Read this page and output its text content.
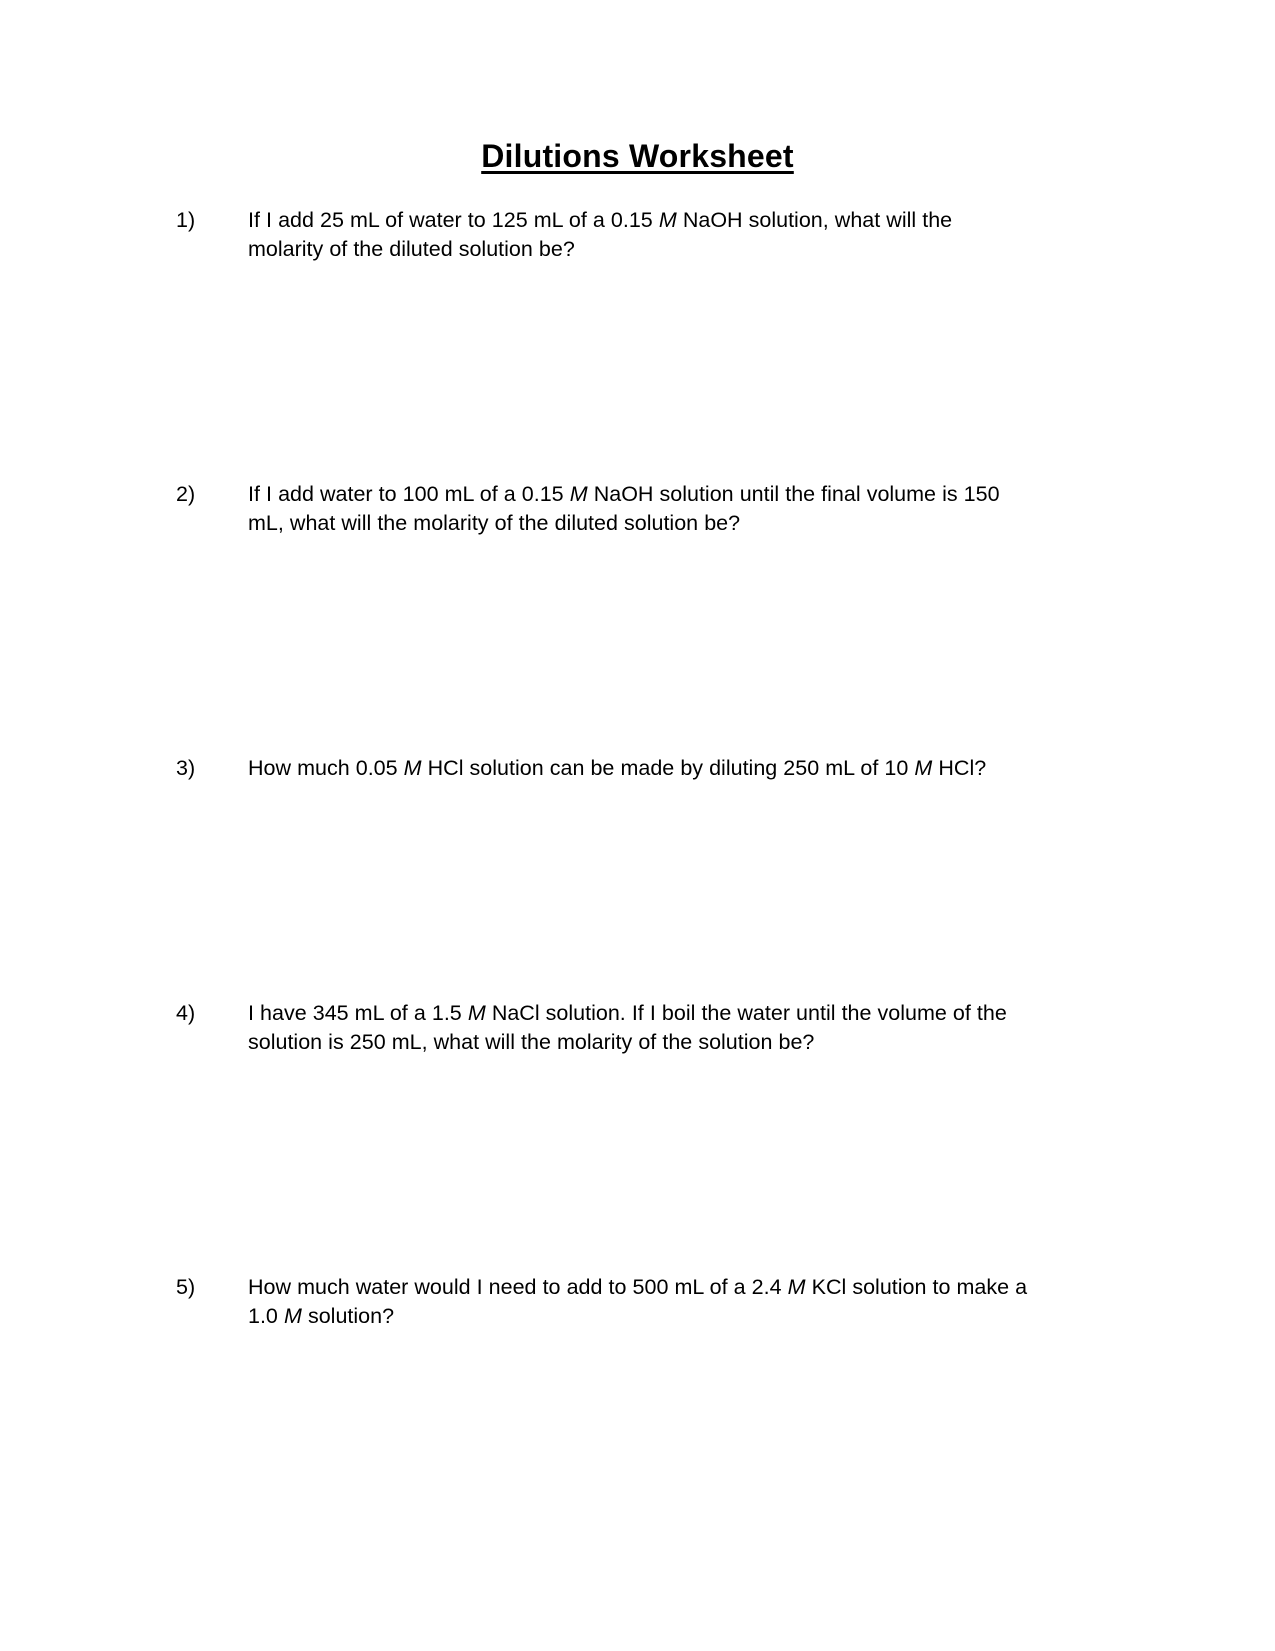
Dilutions Worksheet
1)	If I add 25 mL of water to 125 mL of a 0.15 M NaOH solution, what will the molarity of the diluted solution be?
2)	If I add water to 100 mL of a 0.15 M NaOH solution until the final volume is 150 mL, what will the molarity of the diluted solution be?
3)	How much 0.05 M HCl solution can be made by diluting 250 mL of 10 M HCl?
4)	I have 345 mL of a 1.5 M NaCl solution. If I boil the water until the volume of the solution is 250 mL, what will the molarity of the solution be?
5)	How much water would I need to add to 500 mL of a 2.4 M KCl solution to make a 1.0 M solution?
